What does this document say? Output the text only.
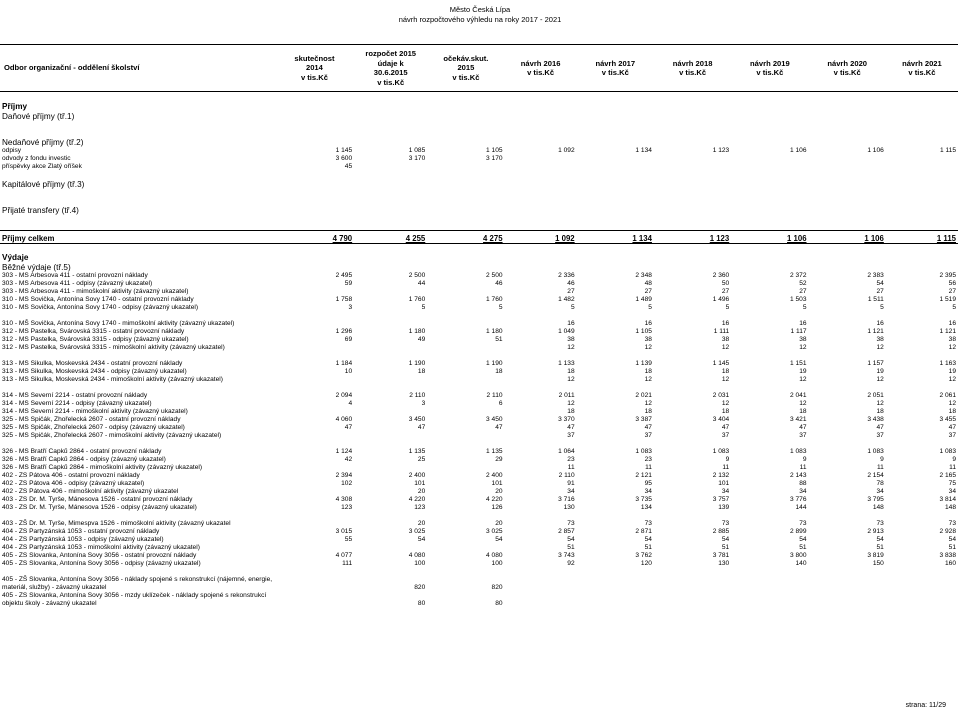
Město Česká Lípa
návrh rozpočtového výhledu na roky 2017 - 2021
Odbor organizační - oddělení školství	skutečnost
2014
v tis.Kč	rozpočet 2015
údaje k
30.6.2015
v tis.Kč	očekáv.skut.
2015
v tis.Kč	návrh 2016
v tis.Kč	návrh 2017
v tis.Kč	návrh 2018
v tis.Kč	návrh 2019
v tis.Kč	návrh 2020
v tis.Kč	návrh 2021
v tis.Kč

Příjmy									
Daňové příjmy (tř.1)									

Nedaňové příjmy (tř.2)									
odpisy	1 145	1 085	1 105	1 092	1 134	1 123	1 106	1 106	1 115
odvody z fondu investic	3 600	3 170	3 170						
příspěvky akce Zlatý oříšek	45								

Kapitálové příjmy (tř.3)									

Přijaté transfery (tř.4)									

Příjmy celkem	4 790	4 255	4 275	1 092	1 134	1 123	1 106	1 106	1 115

Výdaje									
Běžné výdaje (tř.5)									
303 - MŠ Arbesova 411 - ostatní provozní náklady	2 495	2 500	2 500	2 336	2 348	2 360	2 372	2 383	2 395
303 - MŠ Arbesova 411 - odpisy (závazný ukazatel)	59	44	46	46	48	50	52	54	56
303 - MŠ Arbesova 411 - mimoškolní aktivity (závazný ukazatel)				27	27	27	27	27	27
310 - MŠ Sovička, Antonína Sovy 1740 - ostatní provozní náklady	1 758	1 760	1 760	1 482	1 489	1 496	1 503	1 511	1 519
310 - MŠ Sovička, Antonína Sovy 1740 - odpisy (závazný ukazatel)	3	5	5	5	5	5	5	5	5
310 - MŠ Sovička, Antonína Sovy 1740 - mimoškolní aktivity (závazný ukazatel)				16	16	16	16	16	16
312 - MŠ Pastelka, Svárovská 3315 - ostatní provozní náklady	1 296	1 180	1 180	1 049	1 105	1 111	1 117	1 121	1 121
312 - MŠ Pastelka, Svárovská 3315 - odpisy (závazný ukazatel)	69	49	51	38	38	38	38	38	38
312 - MŠ Pastelka, Svárovská 3315 - mimoškolní aktivity (závazný ukazatel)				12	12	12	12	12	12

313 - MŠ Šikulka, Moskevská 2434 - ostatní provozní náklady	1 184	1 190	1 190	1 133	1 139	1 145	1 151	1 157	1 163
313 - MŠ Šikulka, Moskevská 2434 - odpisy (závazný ukazatel)	10	18	18	18	18	18	19	19	19
313 - MŠ Šikulka, Moskevská 2434 - mimoškolní aktivity (závazný ukazatel)				12	12	12	12	12	12

314 - MŠ Severní 2214 - ostatní provozní náklady	2 094	2 110	2 110	2 011	2 021	2 031	2 041	2 051	2 061
314 - MŠ Severní 2214 - odpisy (závazný ukazatel)	4	3	6	12	12	12	12	12	12
314 - MŠ Severní 2214 - mimoškolní aktivity (závazný ukazatel)				18	18	18	18	18	18
325 - MŠ Špičák, Zhořelecká 2607 - ostatní provozní náklady	4 060	3 450	3 450	3 370	3 387	3 404	3 421	3 438	3 455
325 - MŠ Špičák, Zhořelecká 2607 - odpisy (závazný ukazatel)	47	47	47	47	47	47	47	47	47
325 - MŠ Špičák, Zhořelecká 2607 - mimoškolní aktivity (závazný ukazatel)				37	37	37	37	37	37

326 - MŠ Bratří Čapků 2864 - ostatní provozní náklady	1 124	1 135	1 135	1 064	1 083	1 083	1 083	1 083	1 083
326 - MŠ Bratří Čapků 2864 - odpisy (závazný ukazatel)	42	25	29	23	23	9	9	9	9
326 - MŠ Bratří Čapků 2864 - mimoškolní aktivity (závazný ukazatel)				11	11	11	11	11	11
402 - ZŠ Pátova 406 - ostatní provozní náklady	2 394	2 400	2 400	2 110	2 121	2 132	2 143	2 154	2 165
402 - ZŠ Pátova 406 - odpisy (závazný ukazatel)	102	101	101	91	95	101	88	78	75
402 - ZŠ Pátova 406 - mimoškolní aktivity (závazný ukazatel		20	20	34	34	34	34	34	34
403 - ZŠ Dr. M. Tyrše, Mánesova 1526 - ostatní provozní náklady	4 308	4 220	4 220	3 716	3 735	3 757	3 776	3 795	3 814
403 - ZŠ Dr. M. Tyrše, Mánesova 1526 - odpisy (závazný ukazatel)	123	123	126	130	134	139	144	148	148
403 - ZŠ Dr. M. Tyrše, Mimespva 1526 - mimoškolní aktivity (závazný ukazatel		20	20	73	73	73	73	73	73
404 - ZŠ Partyzánská 1053 - ostatní provozní náklady	3 015	3 025	3 025	2 857	2 871	2 885	2 899	2 913	2 928
404 - ZŠ Partyzánská 1053 - odpisy (závazný ukazatel)	55	54	54	54	54	54	54	54	54
404 - ZŠ Partyzánská 1053 - mimoškolní aktivity (závazný ukazatel)				51	51	51	51	51	51
405 - ZŠ Slovanka, Antonína Sovy 3056 - ostatní provozní náklady	4 077	4 080	4 080	3 743	3 762	3 781	3 800	3 819	3 838
405 - ZŠ Slovanka, Antonína Sovy 3056 - odpisy (závazný ukazatel)	111	100	100	92	120	130	140	150	160
405 - ZŠ Slovanka, Antonína Sovy 3056 - náklady spojené s rekonstrukcí (nájemné, energie, materiál, služby) - závazný ukazatel		820	820						
405 - ZŠ Slovanka, Antonína Sovy 3056 - mzdy uklízeček - náklady spojené s rekonstrukcí objektu školy - závazný ukazatel		80	80						
strana: 11/29
